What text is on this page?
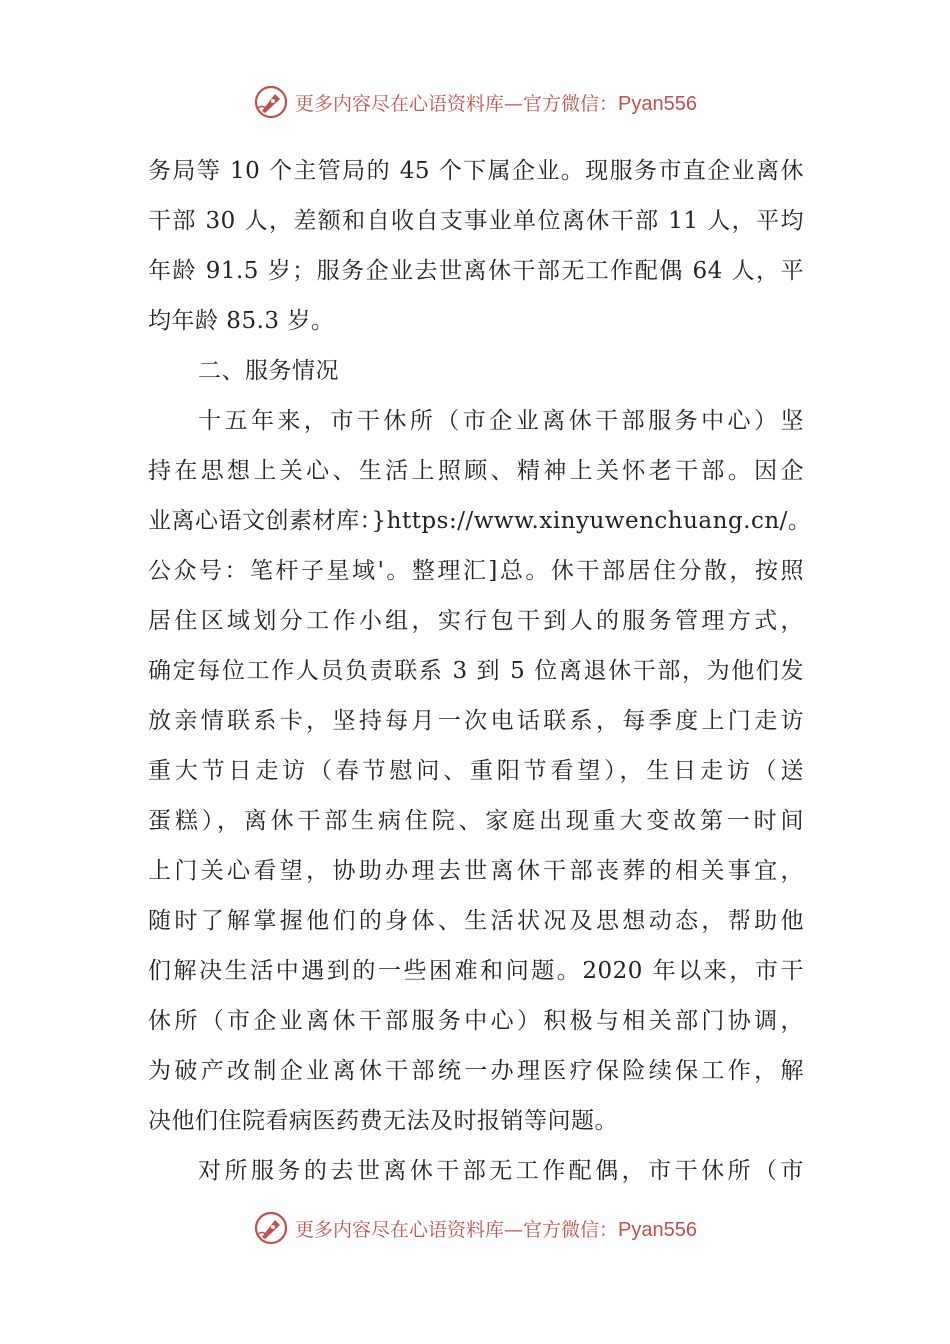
更多内容尽在心语资料库—官方微信：Pyan556
务局等 10 个主管局的 45 个下属企业。现服务市直企业离休
干部 30 人，差额和自收自支事业单位离休干部 11 人，平均
年龄 91.5 岁；服务企业去世离休干部无工作配偶 64 人，平
均年龄 85.3 岁。
二、服务情况
十五年来，市干休所（市企业离休干部服务中心）坚
持在思想上关心、生活上照顾、精神上关怀老干部。因企
业离心语文创素材库：}https://www.xinyuwenchuang.cn/。
公众号：笔杆子星域'。整理汇]总。休干部居住分散，按照
居住区域划分工作小组，实行包干到人的服务管理方式，
确定每位工作人员负责联系 3 到 5 位离退休干部，为他们发
放亲情联系卡，坚持每月一次电话联系，每季度上门走访
重大节日走访（春节慰问、重阳节看望），生日走访（送
蛋糕），离休干部生病住院、家庭出现重大变故第一时间
上门关心看望，协助办理去世离休干部丧葬的相关事宜，
随时了解掌握他们的身体、生活状况及思想动态，帮助他
们解决生活中遇到的一些困难和问题。2020 年以来，市干
休所（市企业离休干部服务中心）积极与相关部门协调，
为破产改制企业离休干部统一办理医疗保险续保工作，解
决他们住院看病医药费无法及时报销等问题。
对所服务的去世离休干部无工作配偶，市干休所（市
更多内容尽在心语资料库—官方微信：Pyan556
